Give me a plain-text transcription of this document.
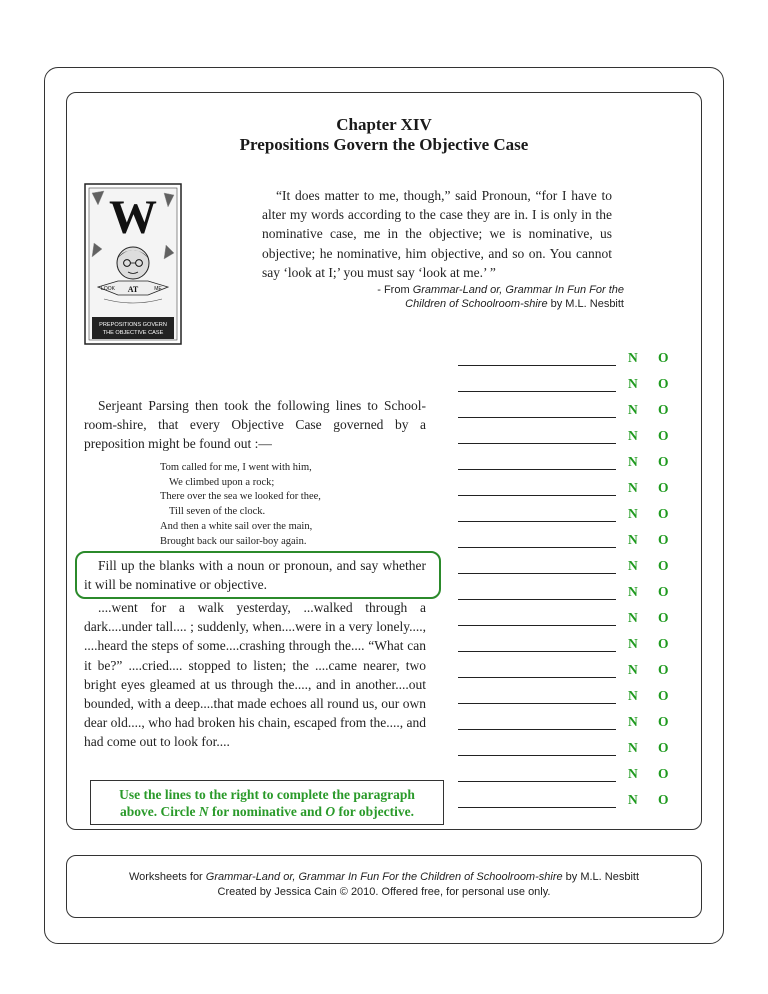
Chapter XIV
Prepositions Govern the Objective Case
W
LOOK AT	ME
PREPOSITIONS GOVERN
THE OBJECTIVE CASE
“It does matter to me, though,” said Pronoun, “for I have to alter my words according to the case they are in. I is only in the nominative case, me in the objective; we is nominative, us objective; he nominative, him objective, and so on. You cannot say ‘look at I;’ you must say ‘look at me.’ ”
- From Grammar-Land or, Grammar In Fun For the Children of Schoolroom-shire by M.L. Nesbitt
Serjeant Parsing then took the following lines to School-room-shire, that every Objective Case governed by a preposition might be found out :—
Tom called for me, I went with him,
We climbed upon a rock;
There over the sea we looked for thee,
Till seven of the clock.
And then a white sail over the main,
Brought back our sailor-boy again.
Fill up the blanks with a noun or pronoun, and say whether it will be nominative or objective.
....went for a walk yesterday, ...walked through a dark....under tall.... ; suddenly, when....were in a very lonely...., ....heard the steps of some....crashing through the.... “What can it be?” ....cried.... stopped to listen; the ....came nearer, two bright eyes gleamed at us through the...., and in another....out bounded, with a deep....that made echoes all round us, our own dear old...., who had broken his chain, escaped from the...., and had come out to look for....
Use the lines to the right to complete the paragraph
above. Circle N for nominative and O for objective.
N O
N O
N O
N O
N O
N O
N O
N O
N O
N O
N O
N O
N O
N O
N O
N O
N O
N O
Worksheets for Grammar-Land or, Grammar In Fun For the Children of Schoolroom-shire by M.L. Nesbitt
Created by Jessica Cain © 2010. Offered free, for personal use only.
